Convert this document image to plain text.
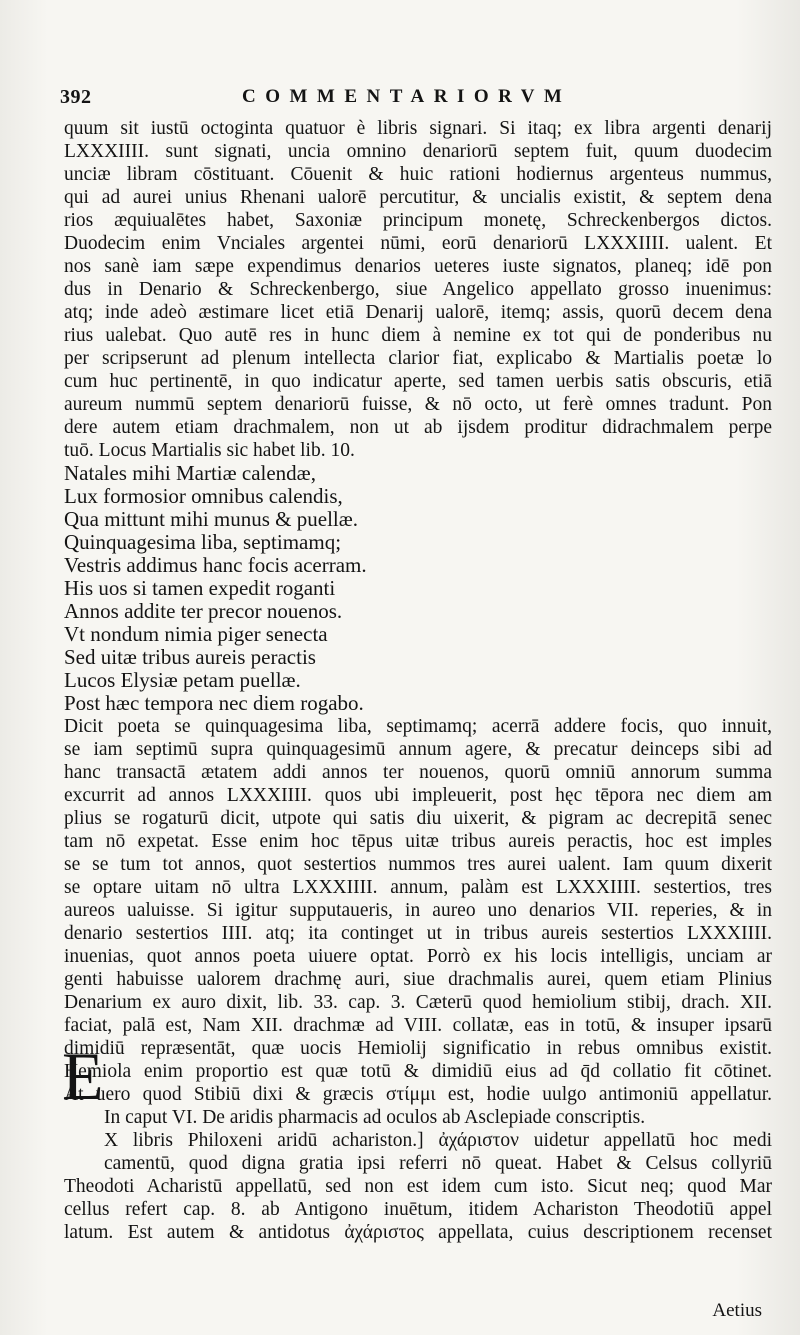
392	COMMENTARIORVM
quum sit iustū octoginta quatuor è libris signari. Si itaq; ex libra argenti denarij
LXXXIIII. sunt signati, uncia omnino denariorū septem fuit, quum duodecim
unciæ libram cōstituant. Cōuenit & huic rationi hodiernus argenteus nummus,
qui ad aurei unius Rhenani ualorē percutitur, & uncialis existit, & septem dena
rios æquiualētes habet, Saxoniæ principum monetę, Schreckenbergos dictos.
Duodecim enim Vnciales argentei nūmi, eorū denariorū LXXXIIII. ualent. Et
nos sanè iam sæpe expendimus denarios ueteres iuste signatos, planeq; idē pon
dus in Denario & Schreckenbergo, siue Angelico appellato grosso inuenimus:
atq; inde adeò æstimare licet etiā Denarij ualorē, itemq; assis, quorū decem dena
rius ualebat. Quo autē res in hunc diem à nemine ex tot qui de ponderibus nu
per scripserunt ad plenum intellecta clarior fiat, explicabo & Martialis poetæ lo
cum huc pertinentē, in quo indicatur aperte, sed tamen uerbis satis obscuris, etiā
aureum nummū septem denariorū fuisse, & nō octo, ut ferè omnes tradunt. Pon
dere autem etiam drachmalem, non ut ab ijsdem proditur didrachmalem perpe
tuō. Locus Martialis sic habet lib. 10.
Natales mihi Martiæ calendæ,
Lux formosior omnibus calendis,
Qua mittunt mihi munus & puellæ.
Quinquagesima liba, septimamq;
Vestris addimus hanc focis acerram.
His uos si tamen expedit roganti
Annos addite ter precor nouenos.
Vt nondum nimia piger senecta
Sed uitæ tribus aureis peractis
Lucos Elysiæ petam puellæ.
Post hæc tempora nec diem rogabo.
Dicit poeta se quinquagesima liba, septimamq; acerrā addere focis, quo innuit,
se iam septimū supra quinquagesimū annum agere, & precatur deinceps sibi ad
hanc transactā ætatem addi annos ter nouenos, quorū omniū annorum summa
excurrit ad annos LXXXIIII. quos ubi impleuerit, post hęc tēpora nec diem am
plius se rogaturū dicit, utpote qui satis diu uixerit, & pigram ac decrepitā senec
tam nō expetat. Esse enim hoc tēpus uitæ tribus aureis peractis, hoc est imples
se se tum tot annos, quot sestertios nummos tres aurei ualent. Iam quum dixerit
se optare uitam nō ultra LXXXIIII. annum, palàm est LXXXIIII. sestertios, tres
aureos ualuisse. Si igitur supputaueris, in aureo uno denarios VII. reperies, & in
denario sestertios IIII. atq; ita continget ut in tribus aureis sestertios LXXXIIII.
inuenias, quot annos poeta uiuere optat. Porrò ex his locis intelligis, unciam ar
genti habuisse ualorem drachmę auri, siue drachmalis aurei, quem etiam Plinius
Denarium ex auro dixit, lib. 33. cap. 3. Cæterū quod hemiolium stibij, drach. XII.
faciat, palā est, Nam XII. drachmæ ad VIII. collatæ, eas in totū, & insuper ipsarū
dimidiū repræsentāt, quæ uocis Hemiolij significatio in rebus omnibus existit.
Hemiola enim proportio est quæ totū & dimidiū eius ad q̄d collatio fit cōtinet.
At uero quod Stibiū dixi & græcis στίμμι est, hodie uulgo antimoniū appellatur.
In caput VI. De aridis pharmacis ad oculos ab Asclepiade conscriptis.
X libris Philoxeni aridū achariston.] ἀχάριστον uidetur appellatū hoc medi
camentū, quod digna gratia ipsi referri nō queat. Habet & Celsus collyriū
Theodoti Acharistū appellatū, sed non est idem cum isto. Sicut neq; quod Mar
cellus refert cap. 8. ab Antigono inuētum, itidem Achariston Theodotiū appel
latum. Est autem & antidotus ἀχάριστος appellata, cuius descriptionem recenset
E
Aetius
